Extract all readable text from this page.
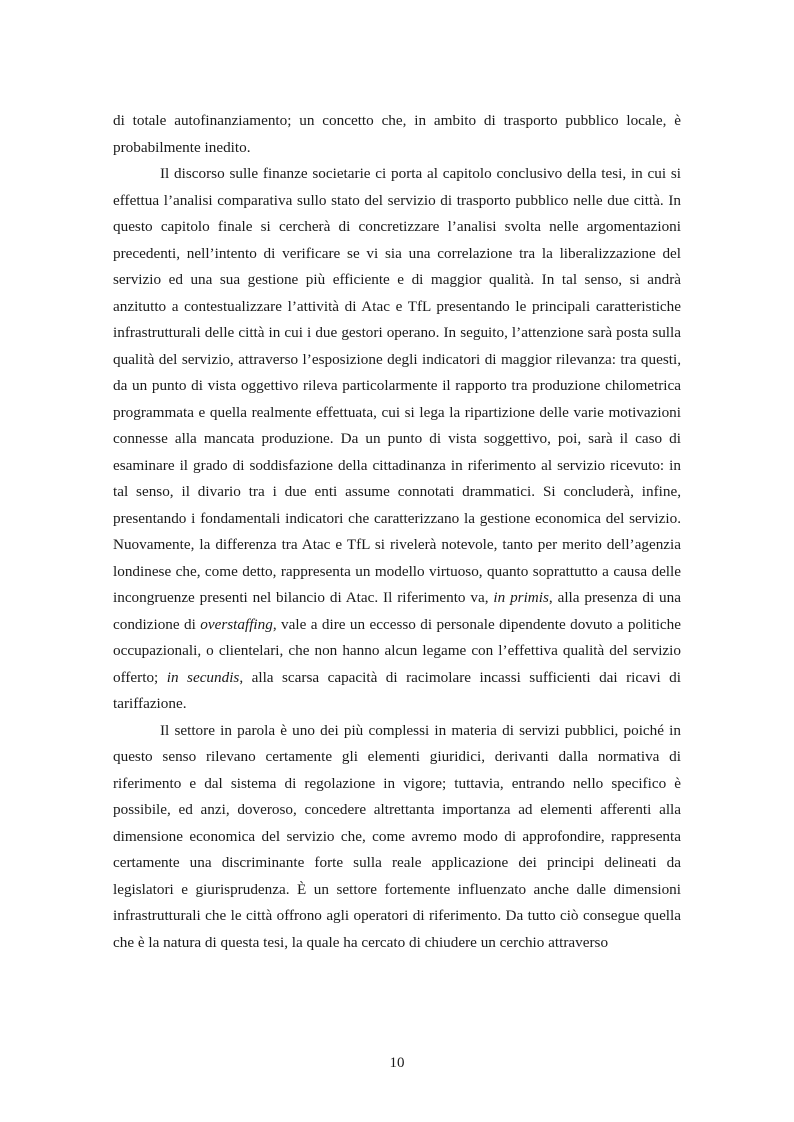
di totale autofinanziamento; un concetto che, in ambito di trasporto pubblico locale, è probabilmente inedito.

Il discorso sulle finanze societarie ci porta al capitolo conclusivo della tesi, in cui si effettua l’analisi comparativa sullo stato del servizio di trasporto pubblico nelle due città. In questo capitolo finale si cercherà di concretizzare l’analisi svolta nelle argomentazioni precedenti, nell’intento di verificare se vi sia una correlazione tra la liberalizzazione del servizio ed una sua gestione più efficiente e di maggior qualità. In tal senso, si andrà anzitutto a contestualizzare l’attività di Atac e TfL presentando le principali caratteristiche infrastrutturali delle città in cui i due gestori operano. In seguito, l’attenzione sarà posta sulla qualità del servizio, attraverso l’esposizione degli indicatori di maggior rilevanza: tra questi, da un punto di vista oggettivo rileva particolarmente il rapporto tra produzione chilometrica programmata e quella realmente effettuata, cui si lega la ripartizione delle varie motivazioni connesse alla mancata produzione. Da un punto di vista soggettivo, poi, sarà il caso di esaminare il grado di soddisfazione della cittadinanza in riferimento al servizio ricevuto: in tal senso, il divario tra i due enti assume connotati drammatici. Si concluderà, infine, presentando i fondamentali indicatori che caratterizzano la gestione economica del servizio. Nuovamente, la differenza tra Atac e TfL si rivelerà notevole, tanto per merito dell’agenzia londinese che, come detto, rappresenta un modello virtuoso, quanto soprattutto a causa delle incongruenze presenti nel bilancio di Atac. Il riferimento va, in primis, alla presenza di una condizione di overstaffing, vale a dire un eccesso di personale dipendente dovuto a politiche occupazionali, o clientelari, che non hanno alcun legame con l’effettiva qualità del servizio offerto; in secundis, alla scarsa capacità di racimolare incassi sufficienti dai ricavi di tariffazione.

Il settore in parola è uno dei più complessi in materia di servizi pubblici, poiché in questo senso rilevano certamente gli elementi giuridici, derivanti dalla normativa di riferimento e dal sistema di regolazione in vigore; tuttavia, entrando nello specifico è possibile, ed anzi, doveroso, concedere altrettanta importanza ad elementi afferenti alla dimensione economica del servizio che, come avremo modo di approfondire, rappresenta certamente una discriminante forte sulla reale applicazione dei principi delineati da legislatori e giurisprudenza. È un settore fortemente influenzato anche dalle dimensioni infrastrutturali che le città offrono agli operatori di riferimento. Da tutto ciò consegue quella che è la natura di questa tesi, la quale ha cercato di chiudere un cerchio attraverso

10
